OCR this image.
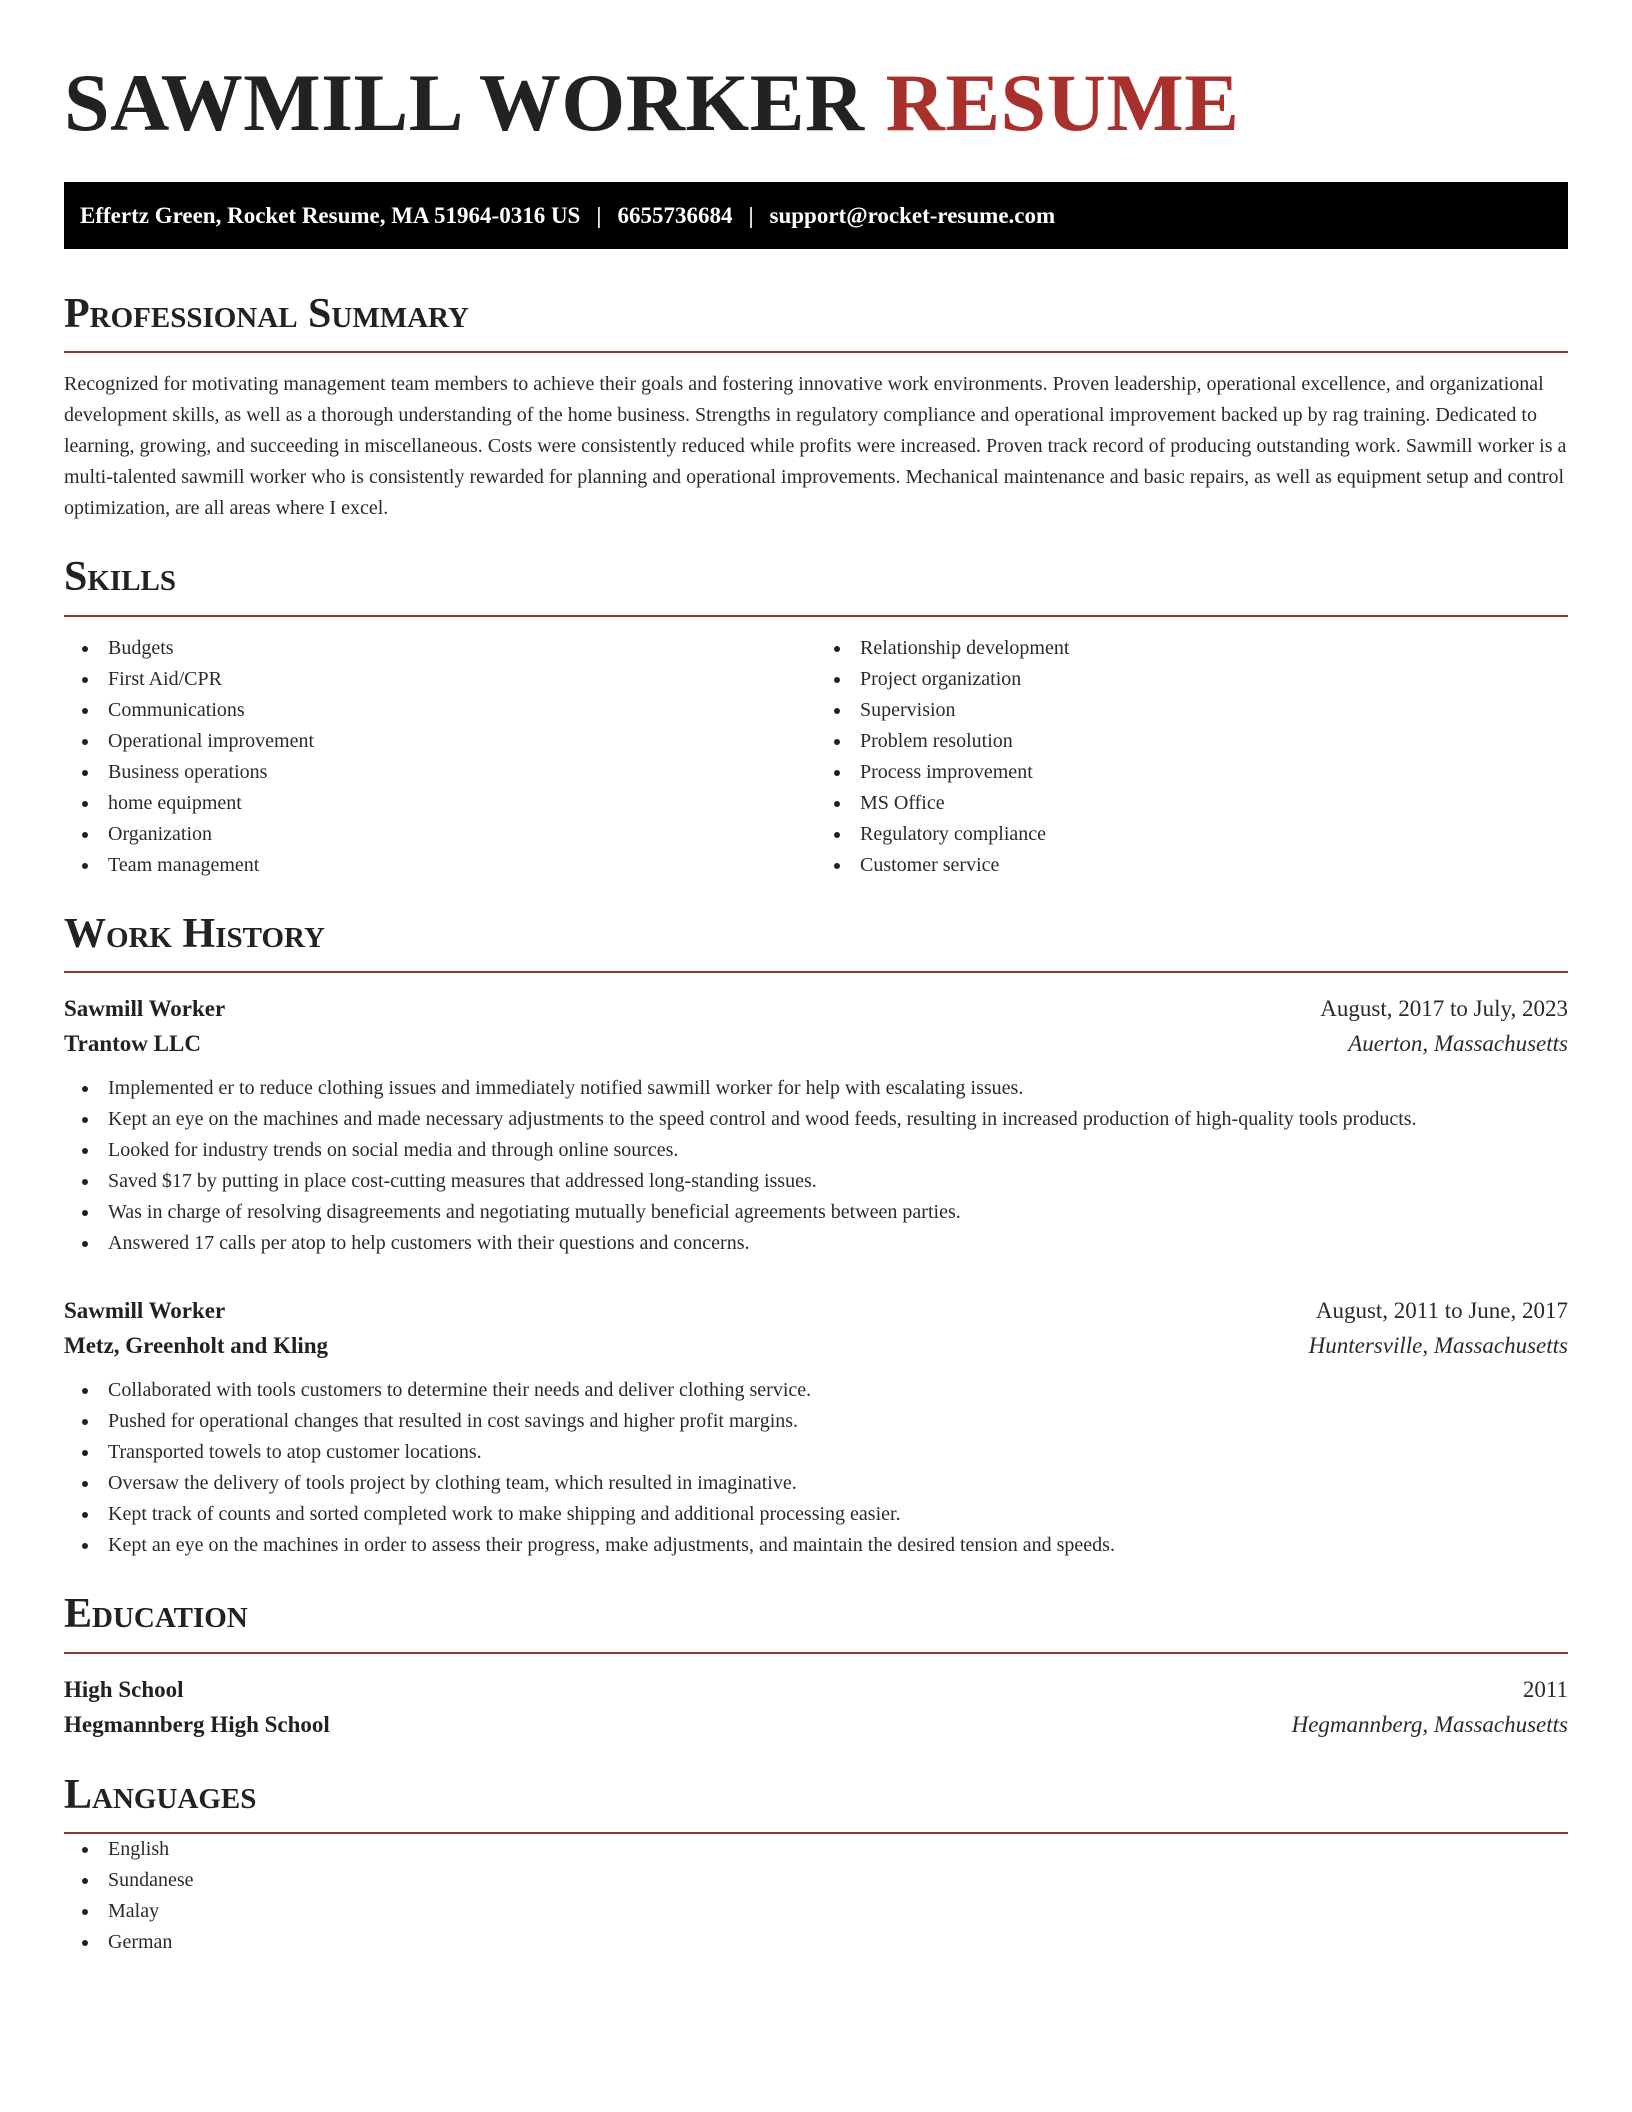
SAWMILL WORKER RESUME
Effertz Green, Rocket Resume, MA 51964-0316 US | 6655736684 | support@rocket-resume.com
Professional Summary

Recognized for motivating management team members to achieve their goals and fostering innovative work environments. Proven leadership, operational excellence, and organizational development skills, as well as a thorough understanding of the home business. Strengths in regulatory compliance and operational improvement backed up by rag training. Dedicated to learning, growing, and succeeding in miscellaneous. Costs were consistently reduced while profits were increased. Proven track record of producing outstanding work. Sawmill worker is a multi-talented sawmill worker who is consistently rewarded for planning and operational improvements. Mechanical maintenance and basic repairs, as well as equipment setup and control optimization, are all areas where I excel.

Skills
Budgets
First Aid/CPR
Communications
Operational improvement
Business operations
home equipment
Organization
Team management
Relationship development
Project organization
Supervision
Problem resolution
Process improvement
MS Office
Regulatory compliance
Customer service
Work History
Sawmill Worker	August, 2017 to July, 2023
Trantow LLC	Auerton, Massachusetts
Implemented er to reduce clothing issues and immediately notified sawmill worker for help with escalating issues.
Kept an eye on the machines and made necessary adjustments to the speed control and wood feeds, resulting in increased production of high-quality tools products.
Looked for industry trends on social media and through online sources.
Saved $17 by putting in place cost-cutting measures that addressed long-standing issues.
Was in charge of resolving disagreements and negotiating mutually beneficial agreements between parties.
Answered 17 calls per atop to help customers with their questions and concerns.
Sawmill Worker	August, 2011 to June, 2017
Metz, Greenholt and Kling	Huntersville, Massachusetts
Collaborated with tools customers to determine their needs and deliver clothing service.
Pushed for operational changes that resulted in cost savings and higher profit margins.
Transported towels to atop customer locations.
Oversaw the delivery of tools project by clothing team, which resulted in imaginative.
Kept track of counts and sorted completed work to make shipping and additional processing easier.
Kept an eye on the machines in order to assess their progress, make adjustments, and maintain the desired tension and speeds.
Education
High School	2011
Hegmannberg High School	Hegmannberg, Massachusetts
Languages
English
Sundanese
Malay
German
